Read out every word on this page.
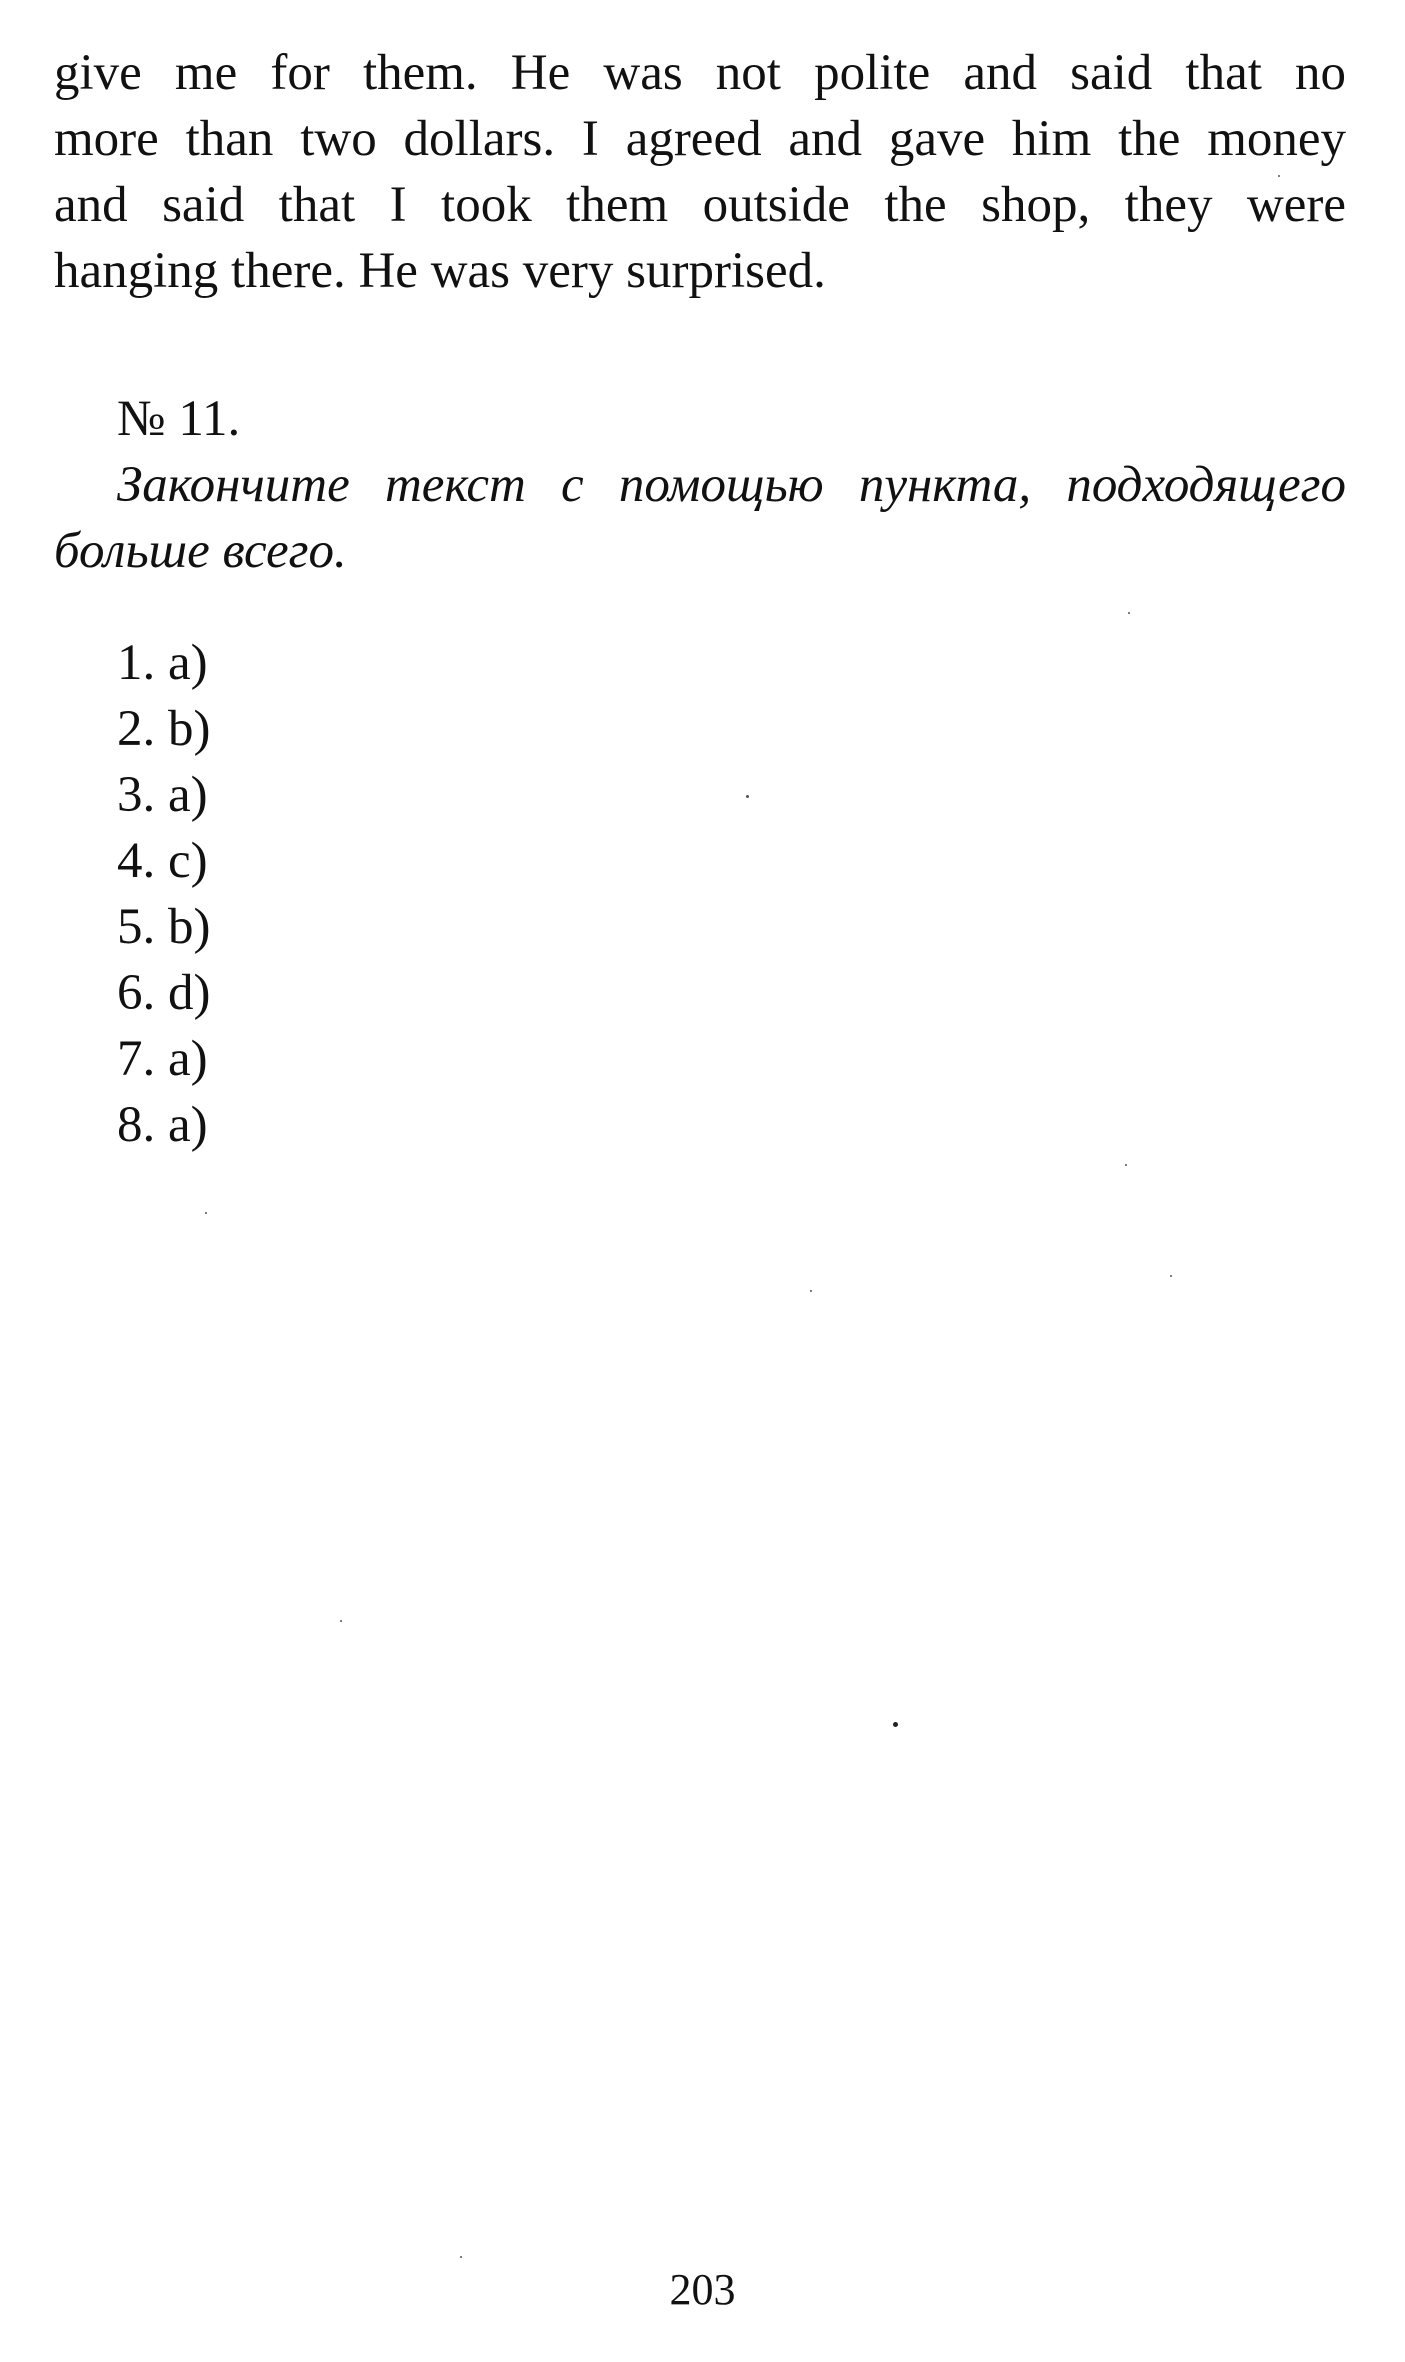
give me for them. He was not polite and said that no
more than two dollars. I agreed and gave him the money
and said that I took them outside the shop, they were
hanging there. He was very surprised.
№ 11.
Закончите текст с помощью пункта, подходящего
больше всего.
1. a)
2. b)
3. a)
4. c)
5. b)
6. d)
7. a)
8. a)
203
